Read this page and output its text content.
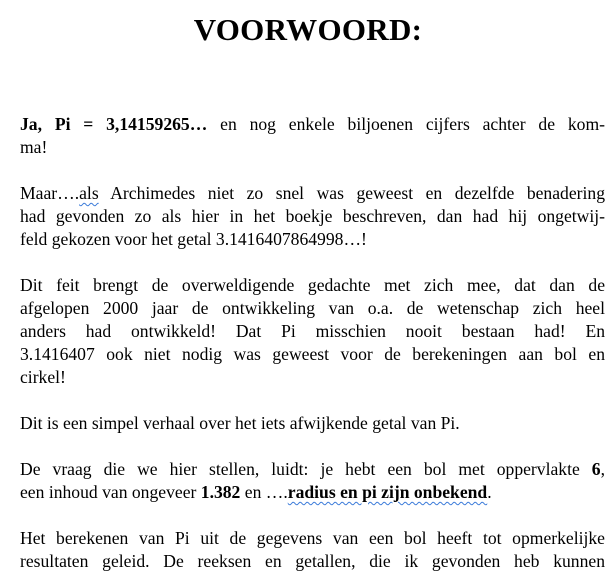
VOORWOORD:
Ja, Pi = 3,14159265… en nog enkele biljoenen cijfers achter de kom-
ma!
Maar….als Archimedes niet zo snel was geweest en dezelfde benadering
had gevonden zo als hier in het boekje beschreven, dan had hij ongetwij-
feld gekozen voor het getal 3.1416407864998…!
Dit feit brengt de overweldigende gedachte met zich mee, dat dan de
afgelopen 2000 jaar de ontwikkeling van o.a. de wetenschap zich heel
anders had ontwikkeld! Dat Pi misschien nooit bestaan had! En
3.1416407 ook niet nodig was geweest voor de berekeningen aan bol en
cirkel!
Dit is een simpel verhaal over het iets afwijkende getal van Pi.
De vraag die we hier stellen, luidt: je hebt een bol met oppervlakte 6,
een inhoud van ongeveer 1.382 en ….radius en pi zijn onbekend.
Het berekenen van Pi uit de gegevens van een bol heeft tot opmerkelijke
resultaten geleid. De reeksen en getallen, die ik gevonden heb kunnen
